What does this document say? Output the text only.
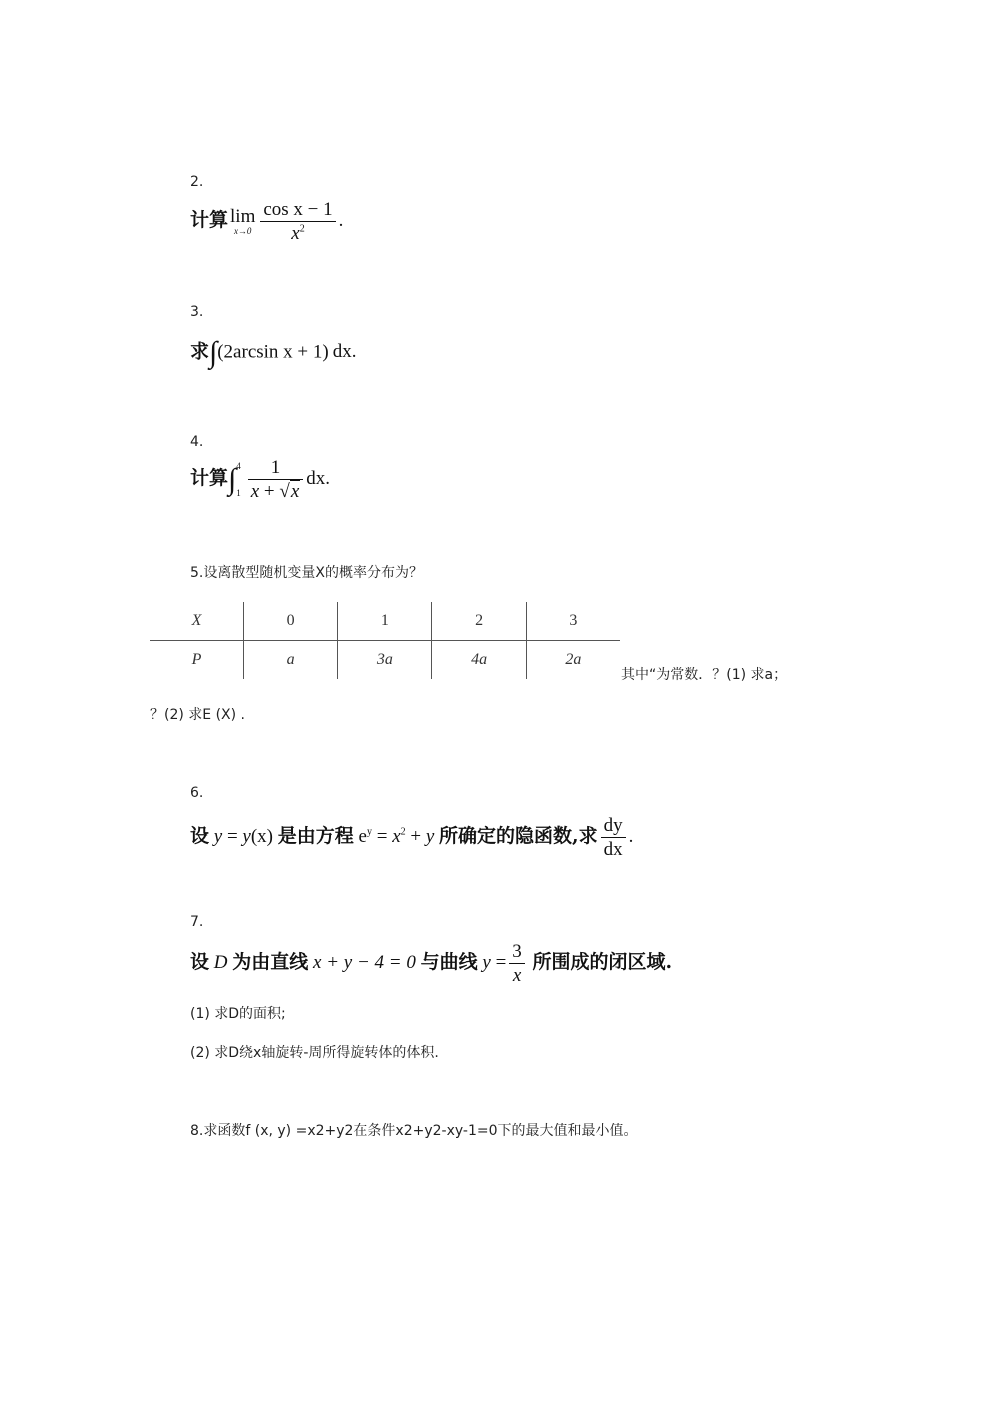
2.
计算 lim
$x\to 0 \frac{\text{cos x − 1}}{x^2}$ .
3.
求∫(2arcsin x + 1) dx.
4.
计算∫ 4
$1 \frac{1}{x + √x}$ dx.
5.设离散型随机变量X的概率分布为？
X	0	1	2	3
P	a	3a	4a	2a
其中“为常数．？(1) 求a；
？(2) 求E (X) .
6.
设 y = y(x) 是由方程 $e^y = x^2 + y$ 所确定的隐函数,求 $\frac{dy}{dx}$ .
7.
设 D 为由直线 x + y − 4 = 0 与曲线 $y = \frac{3}{x}$ 所围成的闭区域.
(1) 求D的面积;
(2) 求D绕x轴旋转-周所得旋转体的体积.
8.求函数f (x, y) =x2+y2在条件x2+y2-xy-1=0下的最大值和最小值。
